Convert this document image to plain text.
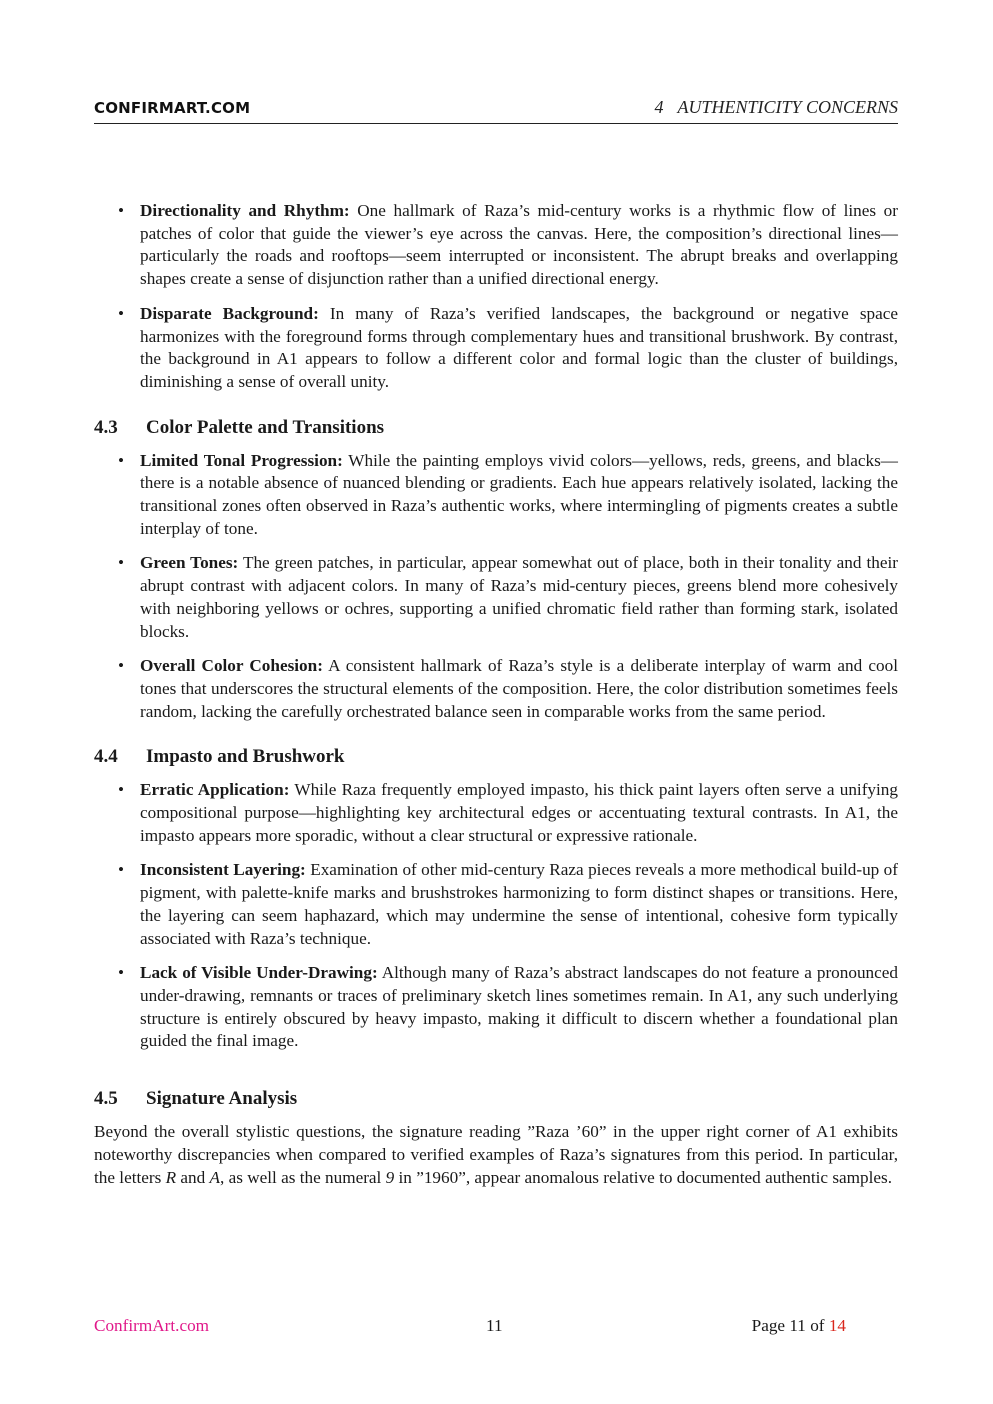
CONFIRMART.COM	4 AUTHENTICITY CONCERNS
• Directionality and Rhythm: One hallmark of Raza’s mid-century works is a rhythmic flow of lines or patches of color that guide the viewer’s eye across the canvas. Here, the composition’s directional lines—particularly the roads and rooftops—seem interrupted or inconsistent. The abrupt breaks and overlapping shapes create a sense of disjunction rather than a unified directional energy.
• Disparate Background: In many of Raza’s verified landscapes, the background or negative space harmonizes with the foreground forms through complementary hues and transitional brushwork. By contrast, the background in A1 appears to follow a different color and formal logic than the cluster of buildings, diminishing a sense of overall unity.
4.3 Color Palette and Transitions
• Limited Tonal Progression: While the painting employs vivid colors—yellows, reds, greens, and blacks—there is a notable absence of nuanced blending or gradients. Each hue appears relatively isolated, lacking the transitional zones often observed in Raza’s authentic works, where intermingling of pigments creates a subtle interplay of tone.
• Green Tones: The green patches, in particular, appear somewhat out of place, both in their tonality and their abrupt contrast with adjacent colors. In many of Raza’s mid-century pieces, greens blend more cohesively with neighboring yellows or ochres, supporting a unified chromatic field rather than forming stark, isolated blocks.
• Overall Color Cohesion: A consistent hallmark of Raza’s style is a deliberate interplay of warm and cool tones that underscores the structural elements of the composition. Here, the color distribution sometimes feels random, lacking the carefully orchestrated balance seen in comparable works from the same period.
4.4 Impasto and Brushwork
• Erratic Application: While Raza frequently employed impasto, his thick paint layers often serve a unifying compositional purpose—highlighting key architectural edges or accentuating textural contrasts. In A1, the impasto appears more sporadic, without a clear structural or expressive rationale.
• Inconsistent Layering: Examination of other mid-century Raza pieces reveals a more methodical build-up of pigment, with palette-knife marks and brushstrokes harmonizing to form distinct shapes or transitions. Here, the layering can seem haphazard, which may undermine the sense of intentional, cohesive form typically associated with Raza’s technique.
• Lack of Visible Under-Drawing: Although many of Raza’s abstract landscapes do not feature a pronounced under-drawing, remnants or traces of preliminary sketch lines sometimes remain. In A1, any such underlying structure is entirely obscured by heavy impasto, making it difficult to discern whether a foundational plan guided the final image.
4.5 Signature Analysis

Beyond the overall stylistic questions, the signature reading ”Raza ’60” in the upper right corner of A1 exhibits noteworthy discrepancies when compared to verified examples of Raza’s signatures from this period. In particular, the letters R and A, as well as the numeral 9 in ”1960”, appear anomalous relative to documented authentic samples.

ConfirmArt.com	11	Page 11 of 14
